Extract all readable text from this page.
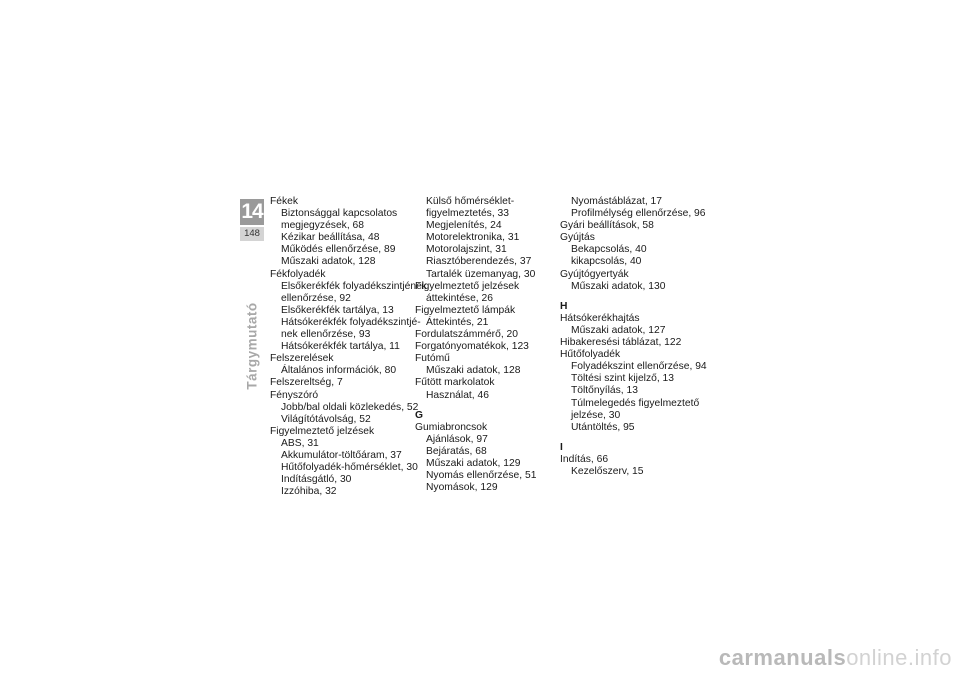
14
148
Tárgymutató
Fékek
Biztonsággal kapcsolatos
megjegyzések, 68
Kézikar beállítása, 48
Működés ellenőrzése, 89
Műszaki adatok, 128
Fékfolyadék
Elsőkerékfék folyadékszintjének
ellenőrzése, 92
Elsőkerékfék tartálya, 13
Hátsókerékfék folyadékszintjé-
nek ellenőrzése, 93
Hátsókerékfék tartálya, 11
Felszerelések
Általános információk, 80
Felszereltség, 7
Fényszóró
Jobb/bal oldali közlekedés, 52
Világítótávolság, 52
Figyelmeztető jelzések
ABS, 31
Akkumulátor-töltőáram, 37
Hűtőfolyadék-hőmérséklet, 30
Indításgátló, 30
Izzóhiba, 32
Külső hőmérséklet-
figyelmeztetés, 33
Megjelenítés, 24
Motorelektronika, 31
Motorolajszint, 31
Riasztóberendezés, 37
Tartalék üzemanyag, 30
Figyelmeztető jelzések
áttekintése, 26
Figyelmeztető lámpák
Áttekintés, 21
Fordulatszámmérő, 20
Forgatónyomatékok, 123
Futómű
Műszaki adatok, 128
Fűtött markolatok
Használat, 46
G
Gumiabroncsok
Ajánlások, 97
Bejáratás, 68
Műszaki adatok, 129
Nyomás ellenőrzése, 51
Nyomások, 129
Nyomástáblázat, 17
Profilmélység ellenőrzése, 96
Gyári beállítások, 58
Gyújtás
Bekapcsolás, 40
kikapcsolás, 40
Gyújtógyertyák
Műszaki adatok, 130
H
Hátsókerékhajtás
Műszaki adatok, 127
Hibakeresési táblázat, 122
Hűtőfolyadék
Folyadékszint ellenőrzése, 94
Töltési szint kijelző, 13
Töltőnyílás, 13
Túlmelegedés figyelmeztető
jelzése, 30
Utántöltés, 95
I
Indítás, 66
Kezelőszerv, 15
carmanualsonline.info
